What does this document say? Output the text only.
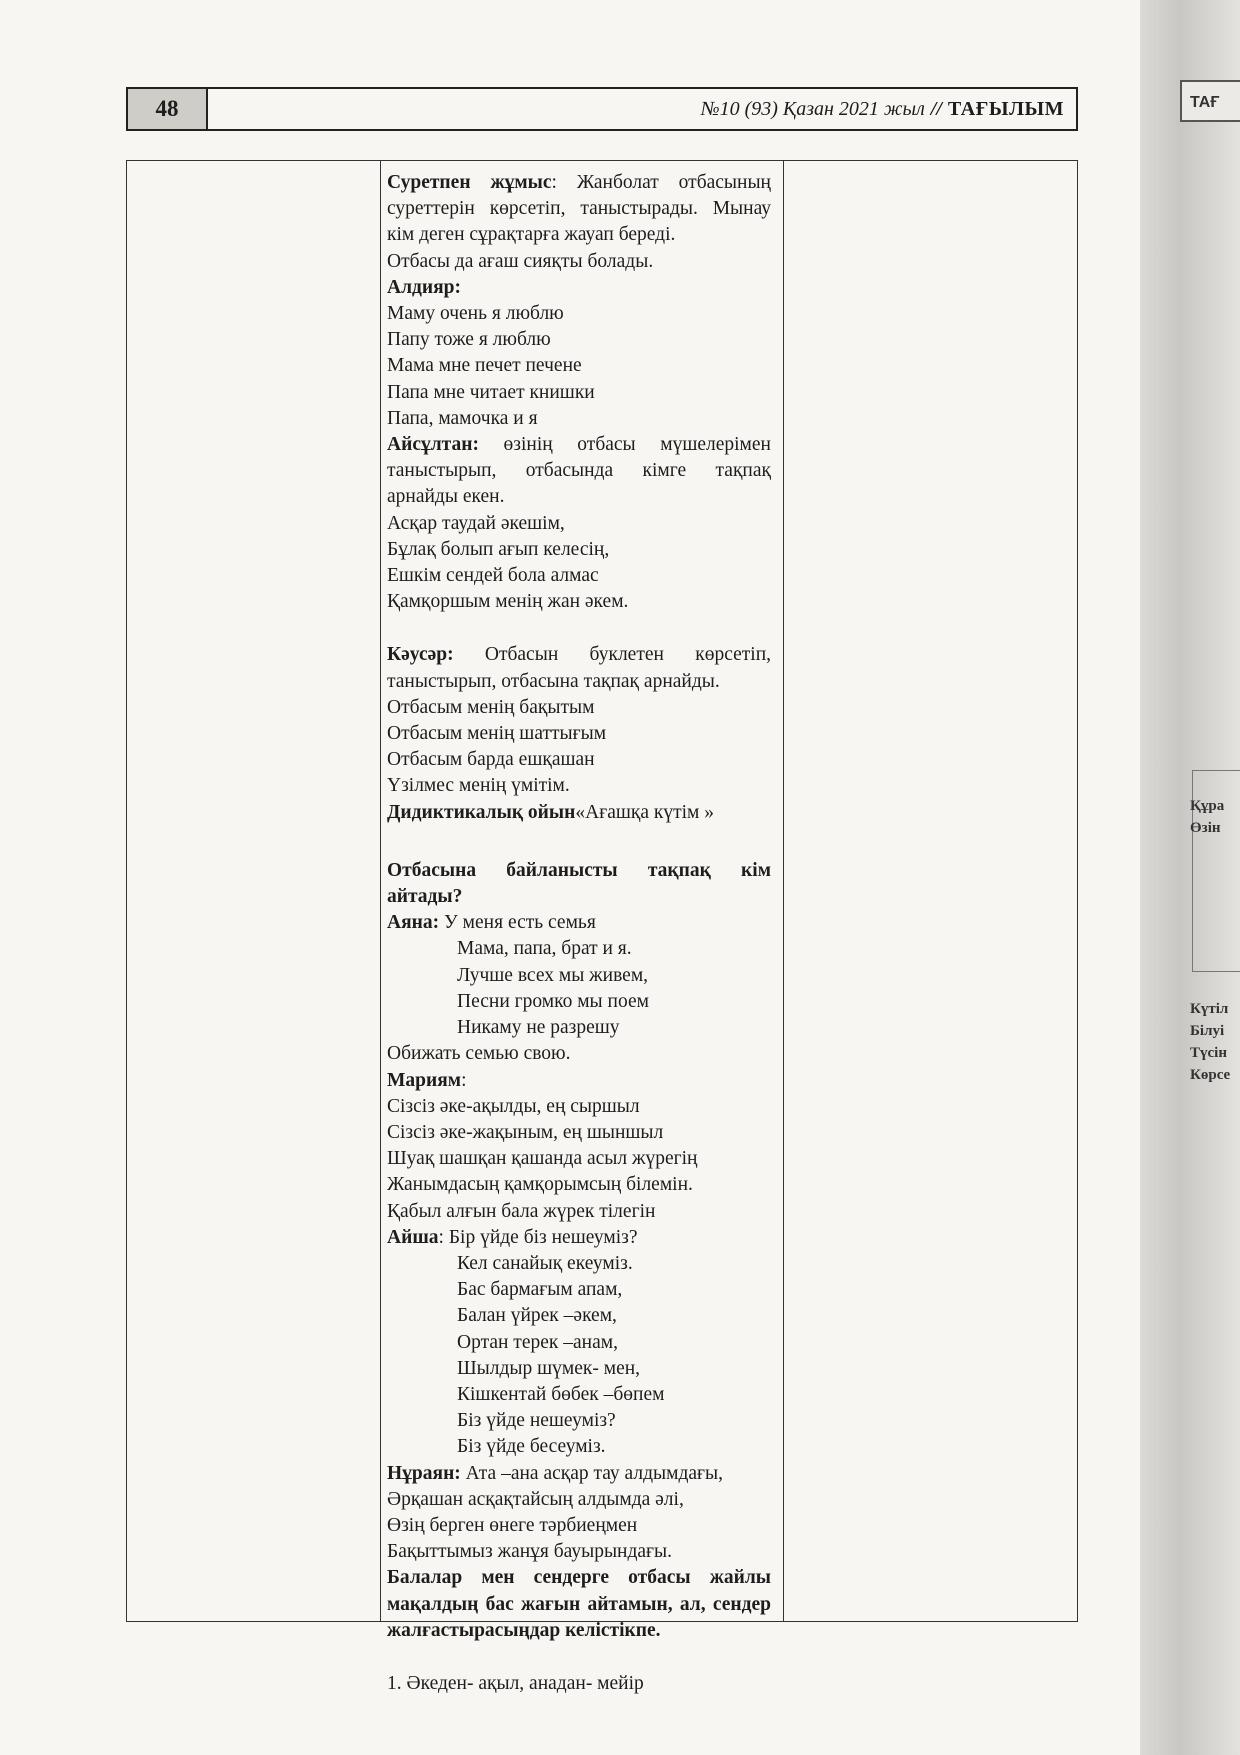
ТАҒ
Құра
Өзін
Күтіл
Білуі
Түсін
Көрсе
48	№10 (93) Қазан 2021 жыл // ТАҒЫЛЫМ

Суретпен жұмыс: Жанболат отбасының суреттерін көрсетіп, таныстырады. Мынау кім деген сұрақтарға жауап береді.

Отбасы да ағаш сияқты болады.

Алдияр:

Маму очень я люблю

Папу тоже я люблю

Мама мне печет печене

Папа мне читает книшки

Папа, мамочка и я

Айсұлтан: өзінің отбасы мүшелерімен таныстырып, отбасында кімге тақпақ арнайды екен.

Асқар таудай әкешім,

Бұлақ болып ағып келесің,

Ешкім сендей бола алмас

Қамқоршым менің жан әкем.

Кәусәр: Отбасын буклетен көрсетіп, таныстырып, отбасына тақпақ арнайды.

Отбасым менің бақытым

Отбасым менің шаттығым

Отбасым барда ешқашан

Үзілмес менің үмітім.

Дидиктикалық ойын«Ағашқа күтім »

Отбасына байланысты тақпақ кім айтады?

Аяна: У меня есть семья

Мама, папа, брат и я.

Лучше всех мы живем,

Песни громко мы поем

Никаму не разрешу

Обижать семью свою.

Мариям:

Сізсіз әке-ақылды, ең сыршыл

Сізсіз әке-жақыным, ең шыншыл

Шуақ шашқан қашанда асыл жүрегің

Жанымдасың қамқорымсың білемін.

Қабыл алғын бала жүрек тілегін

Айша: Бір үйде біз нешеуміз?

Кел санайық екеуміз.

Бас бармағым апам,

Балан үйрек –әкем,

Ортан терек –анам,

Шылдыр шүмек- мен,

Кішкентай бөбек –бөпем

Біз үйде нешеуміз?

Біз үйде бесеуміз.

Нұраян: Ата –ана асқар тау алдымдағы,

Әрқашан асқақтайсың алдымда әлі,

Өзің берген өнеге тәрбиеңмен

Бақыттымыз жанұя бауырындағы.

Балалар мен сендерге отбасы жайлы мақалдың бас жағын айтамын, ал, сендер жалғастырасыңдар келістікпе.

1. Әкеден- ақыл, анадан- мейір
